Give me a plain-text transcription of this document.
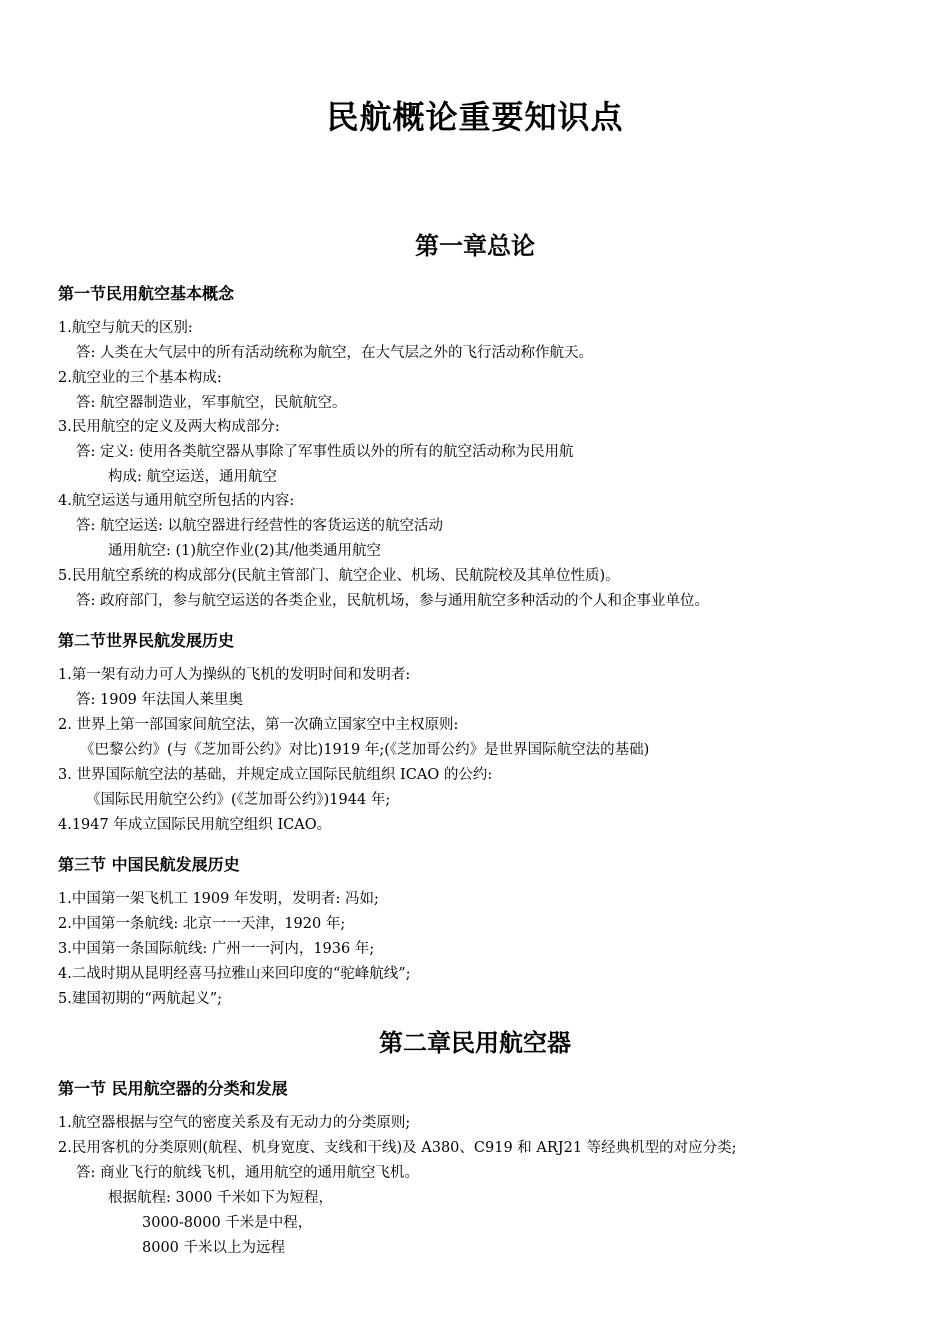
民航概论重要知识点
第一章总论
第一节民用航空基本概念

1.航空与航天的区别:

答: 人类在大气层中的所有活动统称为航空，在大气层之外的飞行活动称作航天。

2.航空业的三个基本构成:

答: 航空器制造业，军事航空，民航航空。

3.民用航空的定义及两大构成部分:

答: 定义: 使用各类航空器从事除了军事性质以外的所有的航空活动称为民用航

构成: 航空运送，通用航空

4.航空运送与通用航空所包括的内容:

答: 航空运送: 以航空器进行经营性的客货运送的航空活动

通用航空: (1)航空作业(2)其/他类通用航空

5.民用航空系统的构成部分(民航主管部门、航空企业、机场、民航院校及其单位性质)。

答: 政府部门，参与航空运送的各类企业，民航机场，参与通用航空多种活动的个人和企事业单位。

第二节世界民航发展历史

1.第一架有动力可人为操纵的飞机的发明时间和发明者:

答: 1909 年法国人莱里奥

2. 世界上第一部国家间航空法，第一次确立国家空中主权原则:

《巴黎公约》(与《芝加哥公约》对比)1919 年;(《芝加哥公约》是世界国际航空法的基础)

3. 世界国际航空法的基础，并规定成立国际民航组织 ICAO 的公约:

《国际民用航空公约》(《芝加哥公约》)1944 年;

4.1947 年成立国际民用航空组织 ICAO。

第三节 中国民航发展历史

1.中国第一架飞机工 1909 年发明，发明者: 冯如;

2.中国第一条航线: 北京一一天津，1920 年;

3.中国第一条国际航线: 广州一一河内，1936 年;

4.二战时期从昆明经喜马拉雅山来回印度的“驼峰航线”;

5.建国初期的“两航起义”;

第二章民用航空器
第一节 民用航空器的分类和发展

1.航空器根据与空气的密度关系及有无动力的分类原则;

2.民用客机的分类原则(航程、机身宽度、支线和干线)及 A380、C919 和 ARJ21 等经典机型的对应分类;

答: 商业飞行的航线飞机，通用航空的通用航空飞机。

根据航程: 3000 千米如下为短程，

3000-8000 千米是中程，

8000 千米以上为远程
